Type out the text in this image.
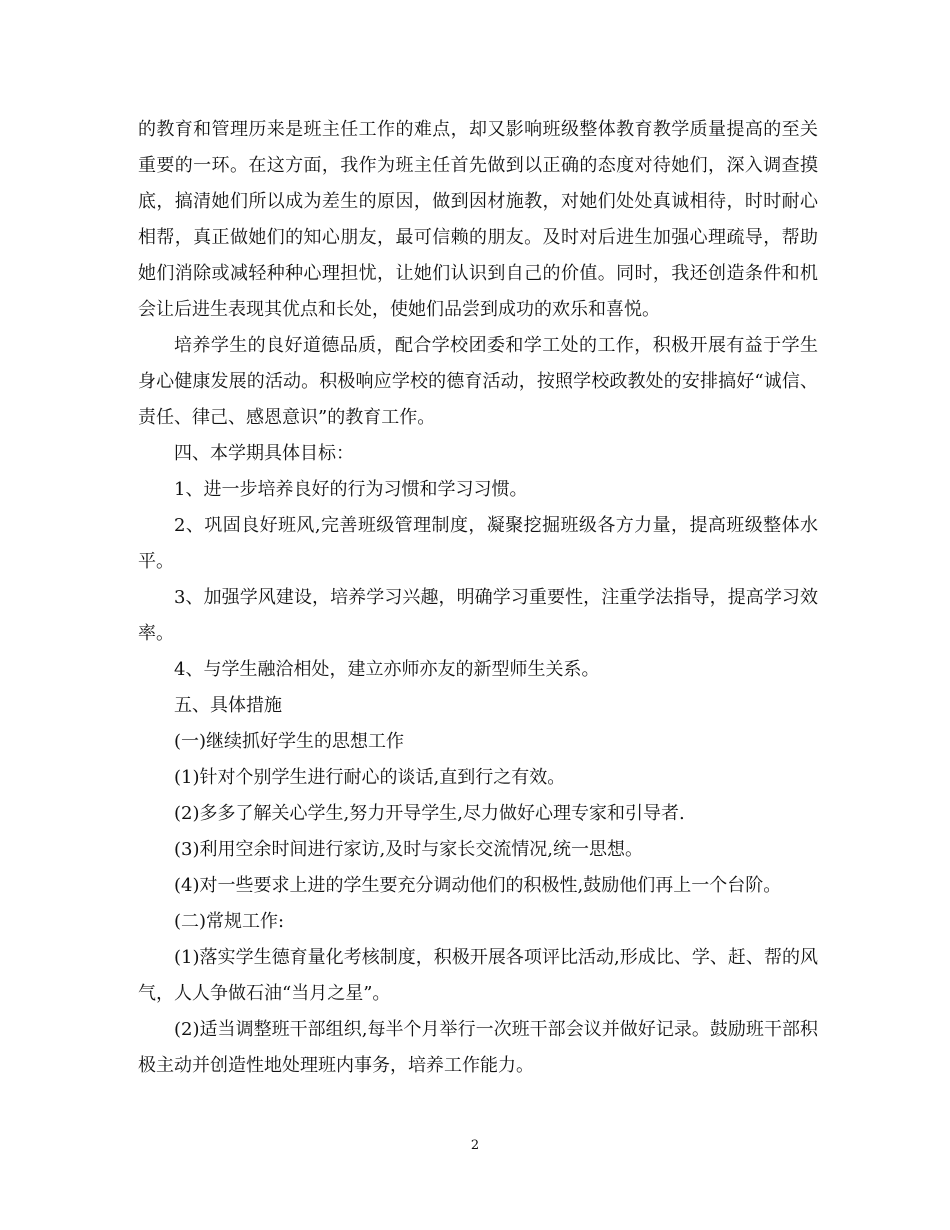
的教育和管理历来是班主任工作的难点，却又影响班级整体教育教学质量提高的至关重要的一环。在这方面，我作为班主任首先做到以正确的态度对待她们，深入调查摸底，搞清她们所以成为差生的原因，做到因材施教，对她们处处真诚相待，时时耐心相帮，真正做她们的知心朋友，最可信赖的朋友。及时对后进生加强心理疏导，帮助她们消除或减轻种种心理担忧，让她们认识到自己的价值。同时，我还创造条件和机会让后进生表现其优点和长处，使她们品尝到成功的欢乐和喜悦。

培养学生的良好道德品质，配合学校团委和学工处的工作，积极开展有益于学生身心健康发展的活动。积极响应学校的德育活动，按照学校政教处的安排搞好“诚信、责任、律己、感恩意识”的教育工作。

四、本学期具体目标：

1、进一步培养良好的行为习惯和学习习惯。

2、巩固良好班风,完善班级管理制度，凝聚挖掘班级各方力量，提高班级整体水平。

3、加强学风建设，培养学习兴趣，明确学习重要性，注重学法指导，提高学习效率。

4、与学生融洽相处，建立亦师亦友的新型师生关系。

五、具体措施

(一)继续抓好学生的思想工作

(1)针对个别学生进行耐心的谈话,直到行之有效。

(2)多多了解关心学生,努力开导学生,尽力做好心理专家和引导者.

(3)利用空余时间进行家访,及时与家长交流情况,统一思想。

(4)对一些要求上进的学生要充分调动他们的积极性,鼓励他们再上一个台阶。

(二)常规工作:

(1)落实学生德育量化考核制度，积极开展各项评比活动,形成比、学、赶、帮的风气，人人争做石油“当月之星”。

(2)适当调整班干部组织,每半个月举行一次班干部会议并做好记录。鼓励班干部积极主动并创造性地处理班内事务，培养工作能力。

2
